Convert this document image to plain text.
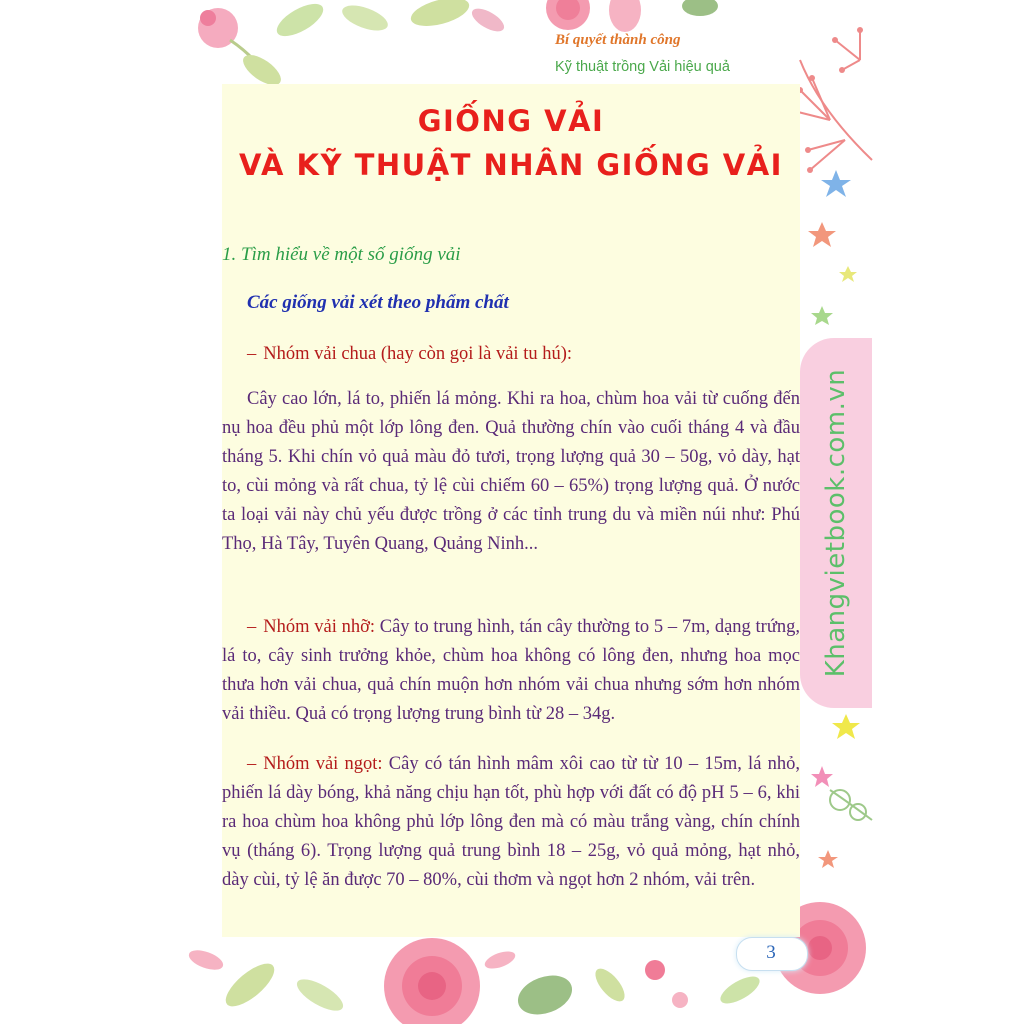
Bí quyết thành công
Kỹ thuật trồng Vải hiệu quả
GIỐNG VẢI
VÀ KỸ THUẬT NHÂN GIỐNG VẢI
1. Tìm hiểu về một số giống vải
Các giống vải xét theo phẩm chất

– Nhóm vải chua (hay còn gọi là vải tu hú):

Cây cao lớn, lá to, phiến lá mỏng. Khi ra hoa, chùm hoa vải từ cuống đến nụ hoa đều phủ một lớp lông đen. Quả thường chín vào cuối tháng 4 và đầu tháng 5. Khi chín vỏ quả màu đỏ tươi, trọng lượng quả 30 – 50g, vỏ dày, hạt to, cùi mỏng và rất chua, tỷ lệ cùi chiếm 60 – 65%) trọng lượng quả. Ở nước ta loại vải này chủ yếu được trồng ở các tỉnh trung du và miền núi như: Phú Thọ, Hà Tây, Tuyên Quang, Quảng Ninh...

– Nhóm vải nhỡ: Cây to trung hình, tán cây thường to 5 – 7m, dạng trứng, lá to, cây sinh trưởng khỏe, chùm hoa không có lông đen, nhưng hoa mọc thưa hơn vải chua, quả chín muộn hơn nhóm vải chua nhưng sớm hơn nhóm vải thiều. Quả có trọng lượng trung bình từ 28 – 34g.

– Nhóm vải ngọt: Cây có tán hình mâm xôi cao từ từ 10 – 15m, lá nhỏ, phiến lá dày bóng, khả năng chịu hạn tốt, phù hợp với đất có độ pH 5 – 6, khi ra hoa chùm hoa không phủ lớp lông đen mà có màu trắng vàng, chín chính vụ (tháng 6). Trọng lượng quả trung bình 18 – 25g, vỏ quả mỏng, hạt nhỏ, dày cùi, tỷ lệ ăn được 70 – 80%, cùi thơm và ngọt hơn 2 nhóm, vải trên.

Khangvietbook.com.vn
3
